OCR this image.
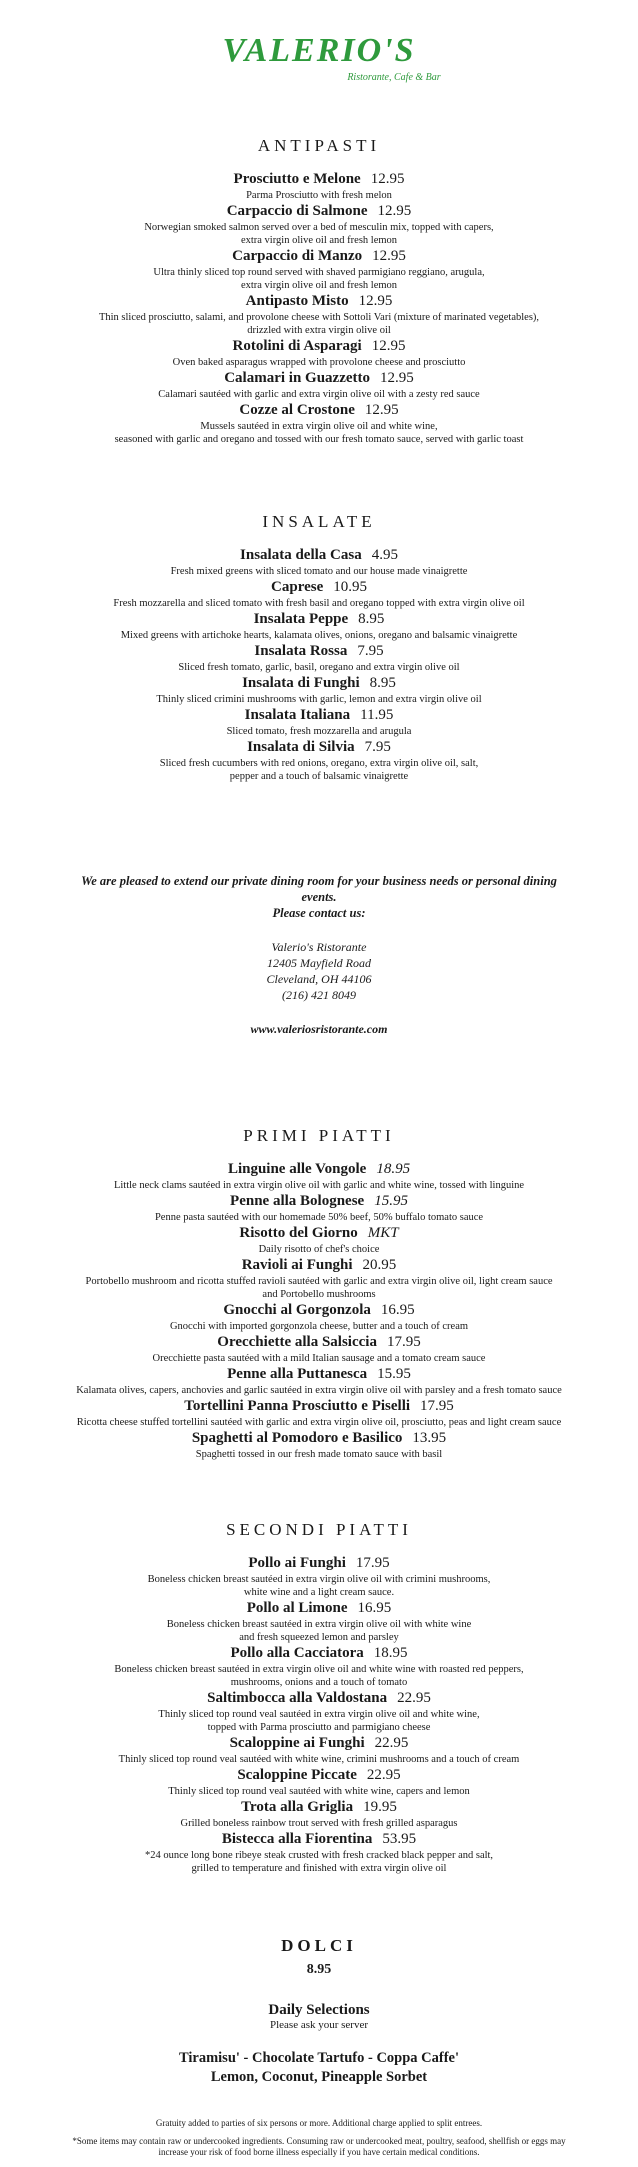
VALERIO'S
Ristorante, Cafe & Bar
ANTIPASTI
Prosciutto e Melone 12.95
Parma Prosciutto with fresh melon
Carpaccio di Salmone 12.95
Norwegian smoked salmon served over a bed of mesculin mix, topped with capers,
extra virgin olive oil and fresh lemon
Carpaccio di Manzo 12.95
Ultra thinly sliced top round served with shaved parmigiano reggiano, arugula,
extra virgin olive oil and fresh lemon
Antipasto Misto 12.95
Thin sliced prosciutto, salami, and provolone cheese with Sottoli Vari (mixture of marinated vegetables),
drizzled with extra virgin olive oil
Rotolini di Asparagi 12.95
Oven baked asparagus wrapped with provolone cheese and prosciutto
Calamari in Guazzetto 12.95
Calamari sautéed with garlic and extra virgin olive oil with a zesty red sauce
Cozze al Crostone 12.95
Mussels sautéed in extra virgin olive oil and white wine,
seasoned with garlic and oregano and tossed with our fresh tomato sauce, served with garlic toast
INSALATE
Insalata della Casa 4.95
Fresh mixed greens with sliced tomato and our house made vinaigrette
Caprese 10.95
Fresh mozzarella and sliced tomato with fresh basil and oregano topped with extra virgin olive oil
Insalata Peppe 8.95
Mixed greens with artichoke hearts, kalamata olives, onions, oregano and balsamic vinaigrette
Insalata Rossa 7.95
Sliced fresh tomato, garlic, basil, oregano and extra virgin olive oil
Insalata di Funghi 8.95
Thinly sliced crimini mushrooms with garlic, lemon and extra virgin olive oil
Insalata Italiana 11.95
Sliced tomato, fresh mozzarella and arugula
Insalata di Silvia 7.95
Sliced fresh cucumbers with red onions, oregano, extra virgin olive oil, salt,
pepper and a touch of balsamic vinaigrette
We are pleased to extend our private dining room for your business needs or personal dining
events.
Please contact us:
Valerio's Ristorante
12405 Mayfield Road
Cleveland, OH 44106
(216) 421 8049
www.valeriosristorante.com
PRIMI PIATTI
Linguine alle Vongole 18.95
Little neck clams sautéed in extra virgin olive oil with garlic and white wine, tossed with linguine
Penne alla Bolognese 15.95
Penne pasta sautéed with our homemade 50% beef, 50% buffalo tomato sauce
Risotto del Giorno MKT
Daily risotto of chef's choice
Ravioli ai Funghi 20.95
Portobello mushroom and ricotta stuffed ravioli sautéed with garlic and extra virgin olive oil, light cream sauce
and Portobello mushrooms
Gnocchi al Gorgonzola 16.95
Gnocchi with imported gorgonzola cheese, butter and a touch of cream
Orecchiette alla Salsiccia 17.95
Orecchiette pasta sautéed with a mild Italian sausage and a tomato cream sauce
Penne alla Puttanesca 15.95
Kalamata olives, capers, anchovies and garlic sautéed in extra virgin olive oil with parsley and a fresh tomato sauce
Tortellini Panna Prosciutto e Piselli 17.95
Ricotta cheese stuffed tortellini sautéed with garlic and extra virgin olive oil, prosciutto, peas and light cream sauce
Spaghetti al Pomodoro e Basilico 13.95
Spaghetti tossed in our fresh made tomato sauce with basil
SECONDI PIATTI
Pollo ai Funghi 17.95
Boneless chicken breast sautéed in extra virgin olive oil with crimini mushrooms,
white wine and a light cream sauce.
Pollo al Limone 16.95
Boneless chicken breast sautéed in extra virgin olive oil with white wine
and fresh squeezed lemon and parsley
Pollo alla Cacciatora 18.95
Boneless chicken breast sautéed in extra virgin olive oil and white wine with roasted red peppers,
mushrooms, onions and a touch of tomato
Saltimbocca alla Valdostana 22.95
Thinly sliced top round veal sautéed in extra virgin olive oil and white wine,
topped with Parma prosciutto and parmigiano cheese
Scaloppine ai Funghi 22.95
Thinly sliced top round veal sautéed with white wine, crimini mushrooms and a touch of cream
Scaloppine Piccate 22.95
Thinly sliced top round veal sautéed with white wine, capers and lemon
Trota alla Griglia 19.95
Grilled boneless rainbow trout served with fresh grilled asparagus
Bistecca alla Fiorentina 53.95
*24 ounce long bone ribeye steak crusted with fresh cracked black pepper and salt,
grilled to temperature and finished with extra virgin olive oil
DOLCI
8.95
Daily Selections
Please ask your server
Tiramisu' - Chocolate Tartufo - Coppa Caffe'
Lemon, Coconut, Pineapple Sorbet
Gratuity added to parties of six persons or more. Additional charge applied to split entrees.
*Some items may contain raw or undercooked ingredients. Consuming raw or undercooked meat, poultry, seafood, shellfish or eggs may
increase your risk of food borne illness especially if you have certain medical conditions.
